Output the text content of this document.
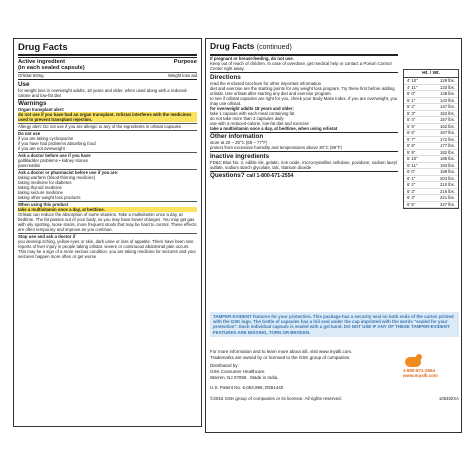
Drug Facts
Active ingredient
(in each sealed capsule)
Purpose
Orlistat 60mg	Weight loss aid
Use

for weight loss in overweight adults, 18 years and older, when used along with a reduced-calorie and low-fat diet

Warnings

Organ transplant alert:

do not use if you have had an organ transplant. Orlistat interferes with the medicines used to prevent transplant rejection.

Allergy alert: Do not use if you are allergic to any of the ingredients in orlistat capsules

Do not use

if you are taking cyclosporine

if you have had problems absorbing food

if you are not overweight

Ask a doctor before use if you have

gallbladder problems • kidney stones

pancreatitis

Ask a doctor or pharmacist before use if you are:

taking warfarin (blood thinning medicine)

taking medicine for diabetes

taking thyroid medicine

taking seizure medicine

taking other weight loss products

When using this product

take a multivitamin once a day, at bedtime.

Orlistat can reduce the absorption of some vitamins. Take a multivitamin once a day, at bedtime. The fat passes out of your body, so you may have bowel changes. You may get gas with oily spotting, loose stools, more frequent stools that may be hard to control. These effects are often temporary and improve as you continue.

Stop use and ask a doctor if

you develop itching, yellow eyes or skin, dark urine or loss of appetite. There have been rare reports of liver injury in people taking orlistat. severe or continuous abdominal pain occurs. This may be a sign of a more serious condition. you are taking medicine for seizures and your seizures happen more often or get worse

Drug Facts (continued)

If pregnant or breast-feeding, do not use.

Keep out of reach of children. In case of overdose, get medical help or contact a Poison Control Center right away.

Directions

read the enclosed brochure for other important information

diet and exercise are the starting points for any weight loss program. Try these first before adding orlistat. Use orlistat after starting any diet and exercise program.

to see if orlistat capsules are right for you, check your Body Mass Index. If you are overweight, you may use orlistat.

for overweight adults 18 years and older:

take 1 capsule with each meal containing fat

do not take more than 3 capsules daily

use with a reduced-calorie, low-fat diet and exercise

take a multivitamin once a day, at bedtime, when using orlistat

Other information

store at 20 – 25°C (68 – 77°F)

protect from excessive humidity and temperatures above 30°C (86°F)

Inactive ingredients

FD&C Blue No. 2, edible ink, gelatin, iron oxide, microcrystalline cellulose, povidone, sodium lauryl sulfate, sodium starch glycolate, talc, titanium dioxide

Questions? call 1-800-671-2554
Ht. / Wt.
4' 10"	129 lbs.
4' 11"	133 lbs.
5' 0"	138 lbs.
5' 1"	143 lbs.
5' 2"	147 lbs.
5' 3"	152 lbs.
5' 4"	157 lbs.
5' 5"	162 lbs.
5' 6"	167 lbs.
5' 7"	172 lbs.
5' 8"	177 lbs.
5' 9"	182 lbs.
5' 10"	188 lbs.
5' 11"	193 lbs.
6' 0"	199 lbs.
6' 1"	204 lbs.
6' 2"	210 lbs.
6' 3"	216 lbs.
6' 4"	221 lbs.
6' 5"	227 lbs.
TAMPER-EVIDENT features for your protection. This package has a security seal on both ends of the carton printed with the GSK logo. The bottle of capsules has a foil seal under the cap imprinted with the words "sealed for your protection". Each individual capsule is sealed with a gel band. DO NOT USE IF ANY OF THESE TAMPER-EVIDENT FEATURES ARE MISSING, TORN OR BROKEN.
For more information and to learn more about alli, visit www.myalli.com.
Trademarks are owned by or licensed to the GSK group of companies.
Distributed by:
GSK Consumer Healthcare
Warren, NJ 07059 Made in India.
U.S. Patent No. 6,004,996; D551440
©2015 GSK group of companies or its licensor. All rights reserved.
1-800-671-2554
www.myalli.com
105482XA
